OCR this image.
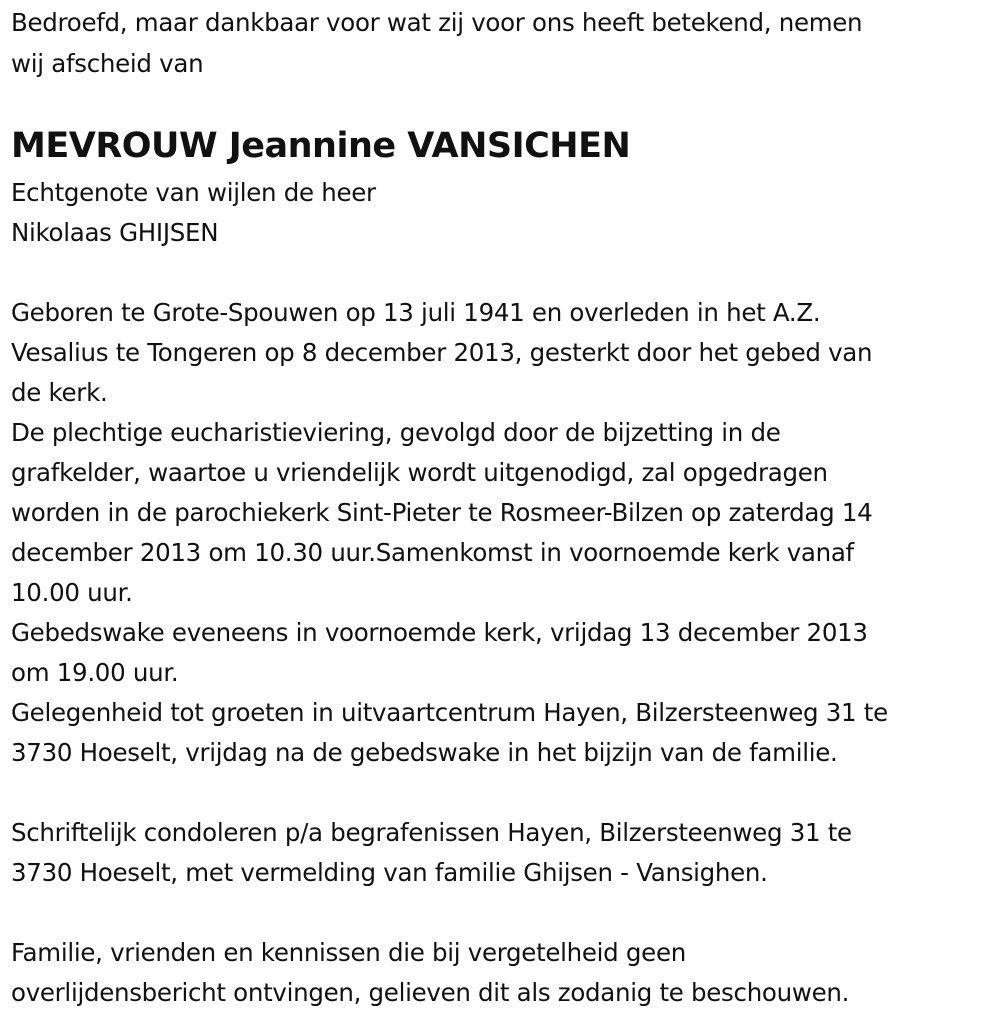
Bedroefd, maar dankbaar voor wat zij voor ons heeft betekend, nemen
wij afscheid van
MEVROUW Jeannine VANSICHEN
Echtgenote van wijlen de heer
Nikolaas GHIJSEN
Geboren te Grote-Spouwen op 13 juli 1941 en overleden in het A.Z.
Vesalius te Tongeren op 8 december 2013, gesterkt door het gebed van
de kerk.
De plechtige eucharistieviering, gevolgd door de bijzetting in de
grafkelder, waartoe u vriendelijk wordt uitgenodigd, zal opgedragen
worden in de parochiekerk Sint-Pieter te Rosmeer-Bilzen op zaterdag 14
december 2013 om 10.30 uur.Samenkomst in voornoemde kerk vanaf
10.00 uur.
Gebedswake eveneens in voornoemde kerk, vrijdag 13 december 2013
om 19.00 uur.
Gelegenheid tot groeten in uitvaartcentrum Hayen, Bilzersteenweg 31 te
3730 Hoeselt, vrijdag na de gebedswake in het bijzijn van de familie.
Schriftelijk condoleren p/a begrafenissen Hayen, Bilzersteenweg 31 te
3730 Hoeselt, met vermelding van familie Ghijsen - Vansighen.
Familie, vrienden en kennissen die bij vergetelheid geen
overlijdensbericht ontvingen, gelieven dit als zodanig te beschouwen.
